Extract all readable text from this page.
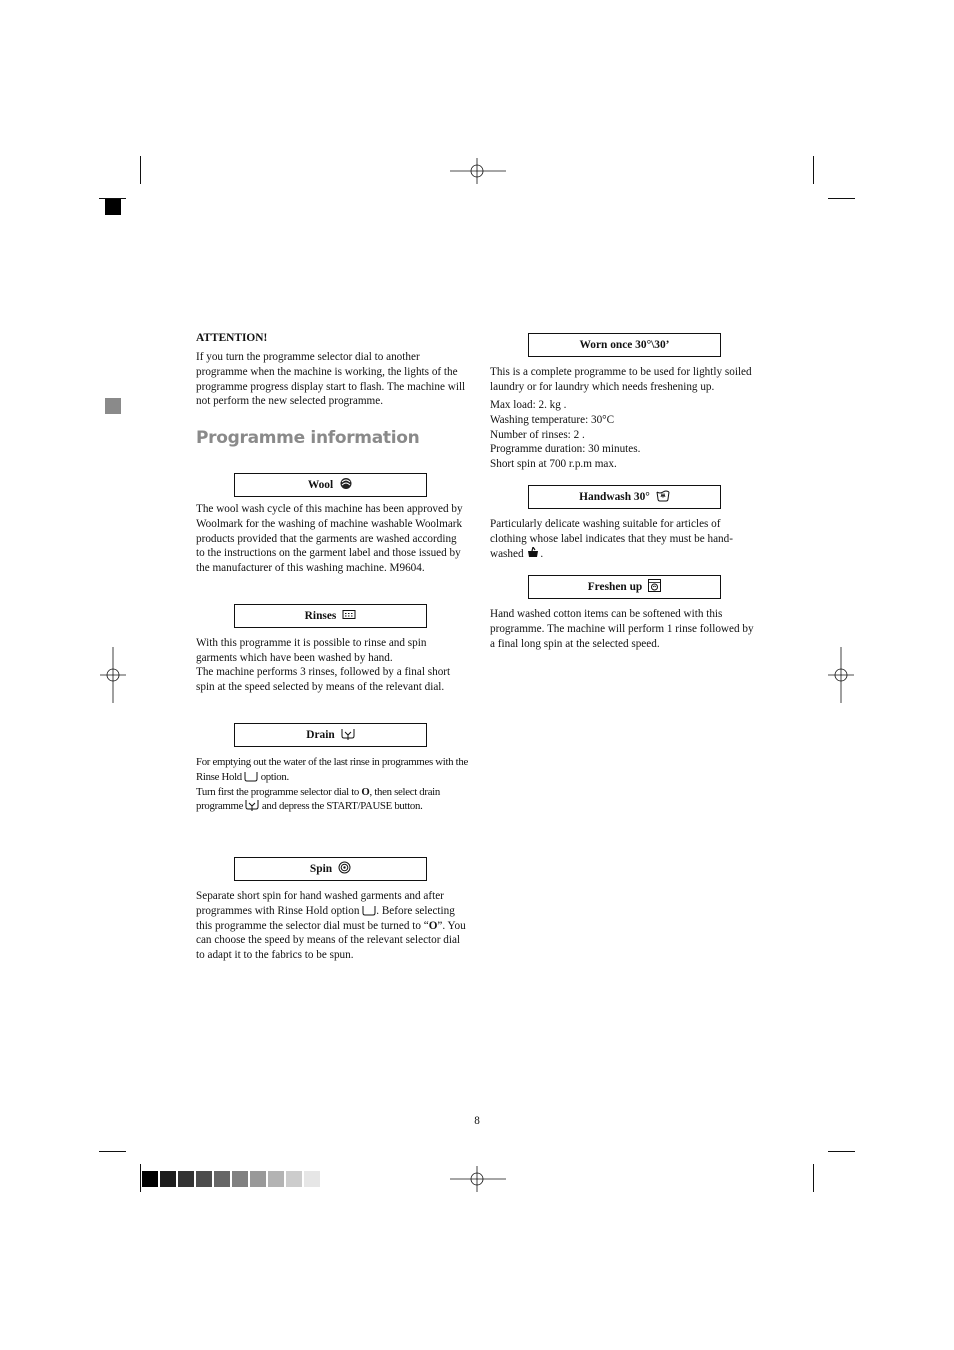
ATTENTION!

If you turn the programme selector dial to another programme when the machine is working, the lights of the programme progress display start to flash. The machine will not perform the new selected programme.

Programme information
Wool

The wool wash cycle of this machine has been approved by Woolmark for the washing of machine washable Woolmark products provided that the garments are washed according to the instructions on the garment label and those issued by the manufacturer of this washing machine. M9604.

Rinses

With this programme it is possible to rinse and spin garments which have been washed by hand.

The machine performs 3 rinses, followed by a final short spin at the speed selected by means of the relevant dial.

Drain

For emptying out the water of the last rinse in programmes with the Rinse Hold option.
Turn first the programme selector dial to O, then select drain programme and depress the START/PAUSE button.

Spin

Separate short spin for hand washed garments and after programmes with Rinse Hold option . Before selecting this programme the selector dial must be turned to “O”. You can choose the speed by means of the relevant selector dial to adapt it to the fabrics to be spun.

Worn once 30°\30’

This is a complete programme to be used for lightly soiled laundry or for laundry which needs freshening up.

Max load: 2. kg .
Washing temperature: 30°C
Number of rinses: 2 .
Programme duration: 30 minutes.
Short spin at 700 r.p.m max.
Handwash 30°

Particularly delicate washing suitable for articles of clothing whose label indicates that they must be hand-washed .

Freshen up

Hand washed cotton items can be softened with this programme. The machine will perform 1 rinse followed by a final long spin at the selected speed.

8
